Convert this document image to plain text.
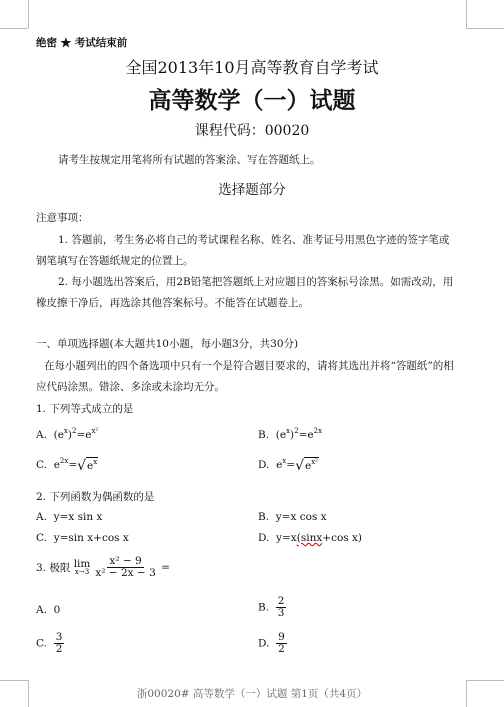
绝密 ★ 考试结束前
全国2013年10月高等教育自学考试
高等数学（一）试题
课程代码：00020
请考生按规定用笔将所有试题的答案涂、写在答题纸上。
选择题部分
注意事项：
1. 答题前，考生务必将自己的考试课程名称、姓名、准考证号用黑色字迹的签字笔或
钢笔填写在答题纸规定的位置上。
2. 每小题选出答案后，用2B铅笔把答题纸上对应题目的答案标号涂黑。如需改动，用
橡皮擦干净后，再选涂其他答案标号。不能答在试题卷上。
一、单项选择题(本大题共10小题，每小题3分，共30分)
在每小题列出的四个备选项中只有一个是符合题目要求的，请将其选出并将“答题纸”的相
应代码涂黑。错涂、多涂或未涂均无分。
1. 下列等式成立的是
A. $(e^x)^2=e^{x^2}$	B. $(e^x)^2=e^{2x}$
C. $e^{2x}=$ √ $e^x$	D. $e^x=$ √ $e^{x^2}$
2. 下列函数为偶函数的是
A. y=x sin x	B. y=x cos x
C. y=sin x+cos x	D. y=x(sinx+cos x)
3. 极限 lim
$x\to 3 \frac{\text{x² − 9}}{\text{x² − 2x − 3}}$ =
A. 0	B. $\frac{2}{3}$
C. $\frac{3}{2}$	D. $\frac{9}{2}$
浙00020# 高等数学（一）试题 第1页（共4页）
